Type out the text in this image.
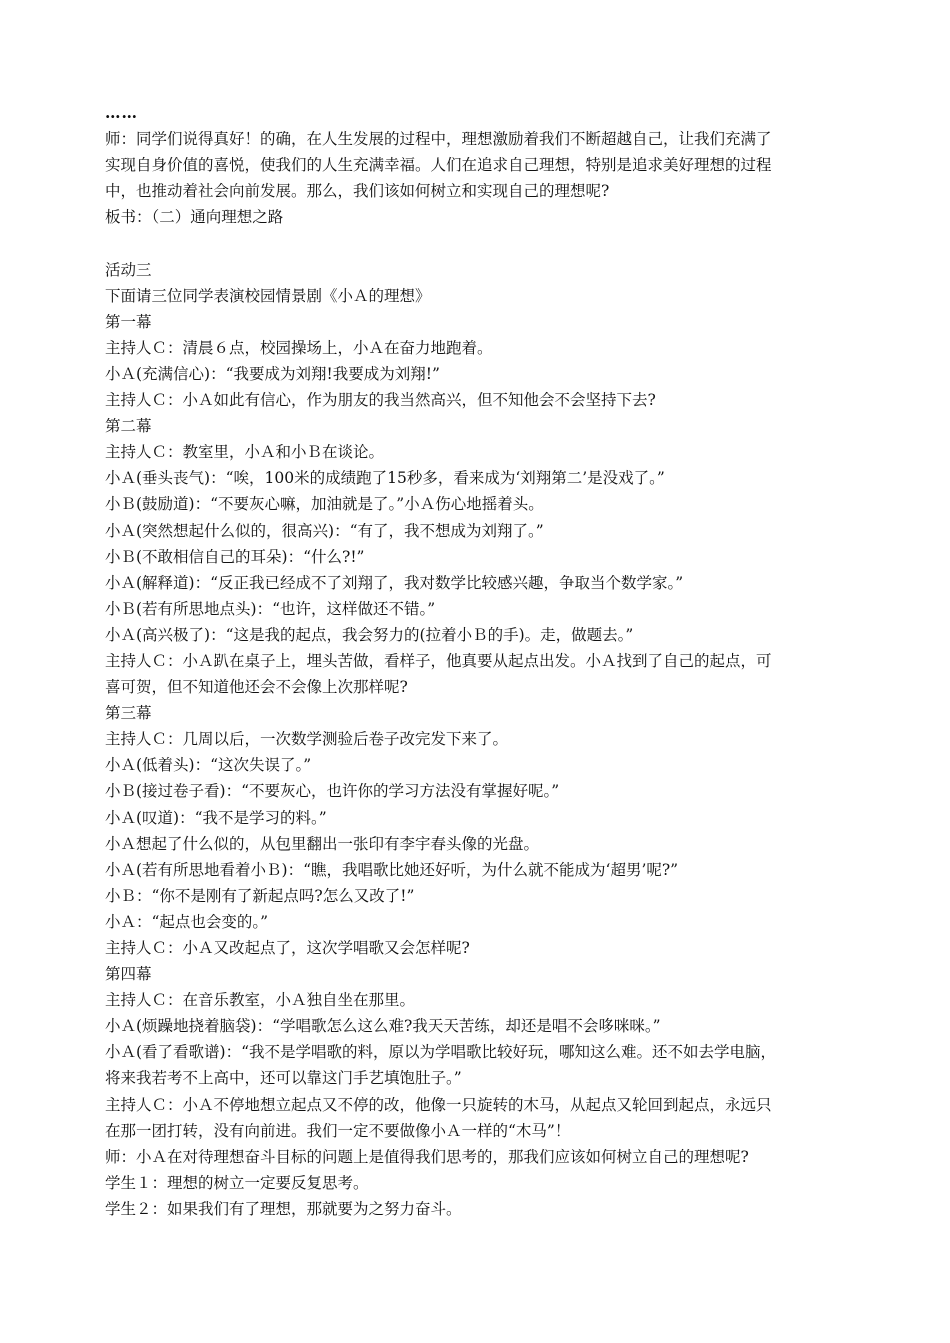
……
师：同学们说得真好！的确，在人生发展的过程中，理想激励着我们不断超越自己，让我们充满了
实现自身价值的喜悦，使我们的人生充满幸福。人们在追求自己理想，特别是追求美好理想的过程
中，也推动着社会向前发展。那么，我们该如何树立和实现自己的理想呢?
板书：（二）通向理想之路
活动三
下面请三位同学表演校园情景剧《小Ａ的理想》
第一幕
主持人Ｃ：清晨６点，校园操场上，小Ａ在奋力地跑着。
小Ａ(充满信心)：“我要成为刘翔!我要成为刘翔!”
主持人Ｃ：小Ａ如此有信心，作为朋友的我当然高兴，但不知他会不会坚持下去?
第二幕
主持人Ｃ：教室里，小Ａ和小Ｂ在谈论。
小Ａ(垂头丧气)：“唉，100米的成绩跑了15秒多，看来成为‘刘翔第二’是没戏了。”
小Ｂ(鼓励道)：“不要灰心嘛，加油就是了。”小Ａ伤心地摇着头。
小Ａ(突然想起什么似的，很高兴)：“有了，我不想成为刘翔了。”
小Ｂ(不敢相信自己的耳朵)：“什么?!”
小Ａ(解释道)：“反正我已经成不了刘翔了，我对数学比较感兴趣，争取当个数学家。”
小Ｂ(若有所思地点头)：“也许，这样做还不错。”
小Ａ(高兴极了)：“这是我的起点，我会努力的(拉着小Ｂ的手)。走，做题去。”
主持人Ｃ：小Ａ趴在桌子上，埋头苦做，看样子，他真要从起点出发。小Ａ找到了自己的起点，可
喜可贺，但不知道他还会不会像上次那样呢?
第三幕
主持人Ｃ：几周以后，一次数学测验后卷子改完发下来了。
小Ａ(低着头)：“这次失误了。”
小Ｂ(接过卷子看)：“不要灰心，也许你的学习方法没有掌握好呢。”
小Ａ(叹道)：“我不是学习的料。”
小Ａ想起了什么似的，从包里翻出一张印有李宇春头像的光盘。
小Ａ(若有所思地看着小Ｂ)：“瞧，我唱歌比她还好听，为什么就不能成为‘超男’呢?”
小Ｂ：“你不是刚有了新起点吗?怎么又改了!”
小Ａ：“起点也会变的。”
主持人Ｃ：小Ａ又改起点了，这次学唱歌又会怎样呢?
第四幕
主持人Ｃ：在音乐教室，小Ａ独自坐在那里。
小Ａ(烦躁地挠着脑袋)：“学唱歌怎么这么难?我天天苦练，却还是唱不会哆咪咪。”
小Ａ(看了看歌谱)：“我不是学唱歌的料，原以为学唱歌比较好玩，哪知这么难。还不如去学电脑，
将来我若考不上高中，还可以靠这门手艺填饱肚子。”
主持人Ｃ：小Ａ不停地想立起点又不停的改，他像一只旋转的木马，从起点又轮回到起点，永远只
在那一团打转，没有向前进。我们一定不要做像小Ａ一样的“木马”！
师：小Ａ在对待理想奋斗目标的问题上是值得我们思考的，那我们应该如何树立自己的理想呢?
学生１：理想的树立一定要反复思考。
学生２：如果我们有了理想，那就要为之努力奋斗。
